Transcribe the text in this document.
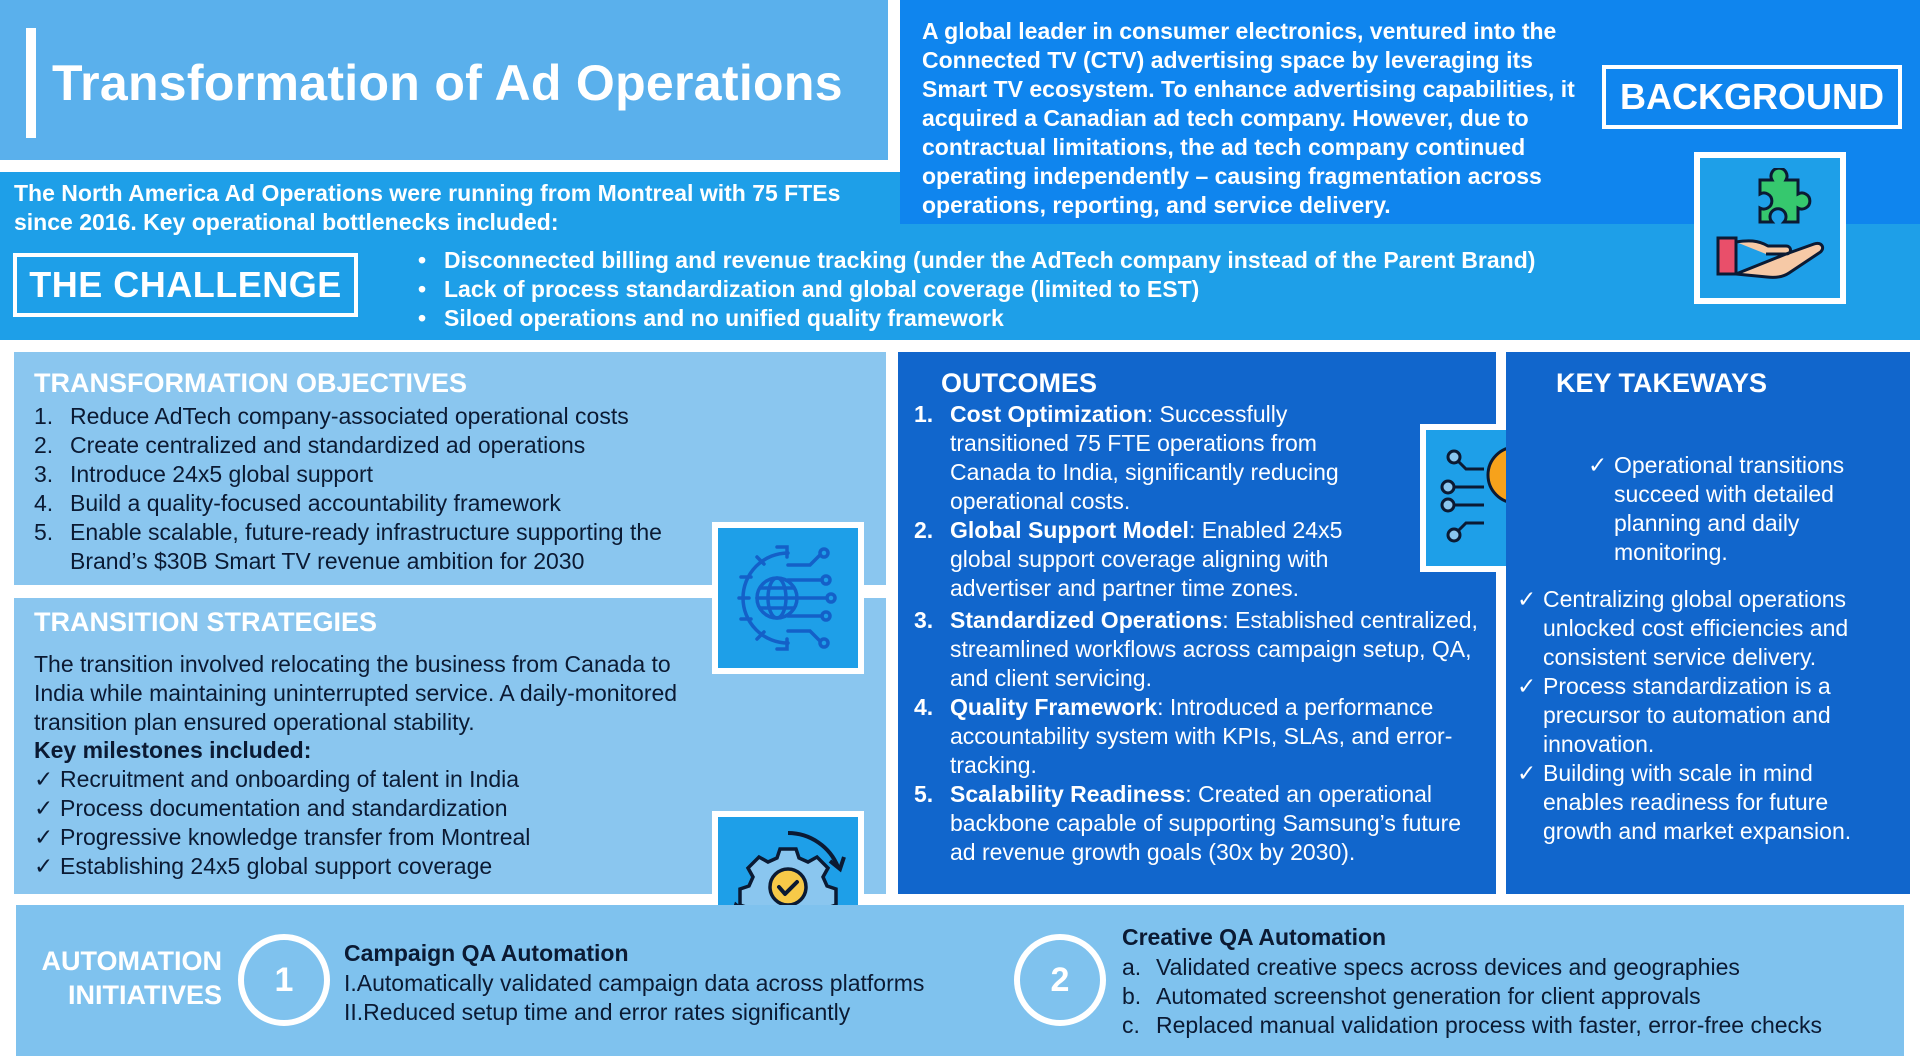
Transformation of Ad Operations
The North America Ad Operations were running from Montreal with 75 FTEs since 2016. Key operational bottlenecks included:
THE CHALLENGE
• Disconnected billing and revenue tracking (under the AdTech company instead of the Parent Brand)
• Lack of process standardization and global coverage (limited to EST)
• Siloed operations and no unified quality framework
A global leader in consumer electronics, ventured into the Connected TV (CTV) advertising space by leveraging its Smart TV ecosystem. To enhance advertising capabilities, it acquired a Canadian ad tech company. However, due to contractual limitations, the ad tech company continued operating independently – causing fragmentation across operations, reporting, and service delivery.
BACKGROUND
TRANSFORMATION OBJECTIVES
1. Reduce AdTech company-associated operational costs
2. Create centralized and standardized ad operations
3. Introduce 24x5 global support
4. Build a quality-focused accountability framework
5. Enable scalable, future-ready infrastructure supporting the Brand’s $30B Smart TV revenue ambition for 2030
TRANSITION STRATEGIES
The transition involved relocating the business from Canada to India while maintaining uninterrupted service. A daily-monitored transition plan ensured operational stability.
Key milestones included:
✓ Recruitment and onboarding of talent in India
✓ Process documentation and standardization
✓ Progressive knowledge transfer from Montreal
✓ Establishing 24x5 global support coverage
OUTCOMES
1. Cost Optimization: Successfully transitioned 75 FTE operations from Canada to India, significantly reducing operational costs.
2. Global Support Model: Enabled 24x5 global support coverage aligning with advertiser and partner time zones.
3. Standardized Operations: Established centralized, streamlined workflows across campaign setup, QA, and client servicing.
4. Quality Framework: Introduced a performance accountability system with KPIs, SLAs, and error-tracking.
5. Scalability Readiness: Created an operational backbone capable of supporting Samsung’s future ad revenue growth goals (30x by 2030).
KEY TAKEWAYS
✓ Operational transitions succeed with detailed planning and daily monitoring.
✓ Centralizing global operations unlocked cost efficiencies and consistent service delivery.
✓ Process standardization is a precursor to automation and innovation.
✓ Building with scale in mind enables readiness for future growth and market expansion.
AUTOMATION
INITIATIVES	1
Campaign QA Automation
I.Automatically validated campaign data across platforms
II.Reduced setup time and error rates significantly
2
Creative QA Automation
a. Validated creative specs across devices and geographies
b. Automated screenshot generation for client approvals
c. Replaced manual validation process with faster, error-free checks
